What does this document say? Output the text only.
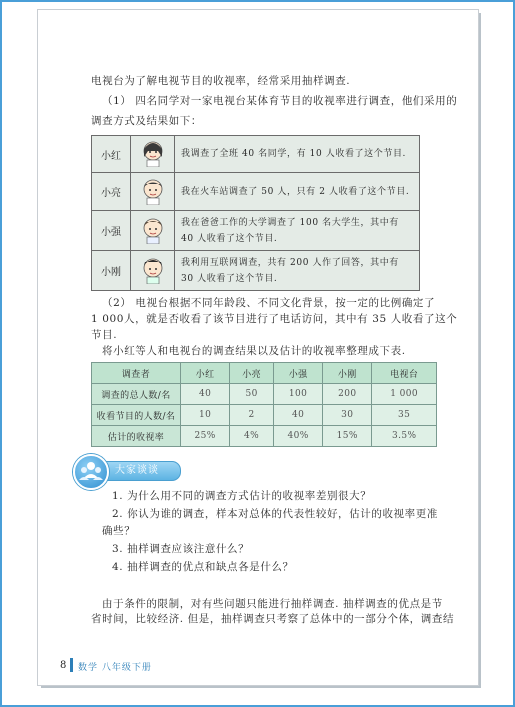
电视台为了解电视节目的收视率，经常采用抽样调查.
（1） 四名同学对一家电视台某体育节目的收视率进行调查，他们采用的
调查方式及结果如下：
小红		我调查了全班 40 名同学，有 10 人收看了这个节目.

小亮		我在火车站调查了 50 人，只有 2 人收看了这个节目.

小强		我在爸爸工作的大学调查了 100 名大学生，其中有
40 人收看了这个节目.

小刚		我利用互联网调查，共有 200 人作了回答，其中有
30 人收看了这个节目.
（2） 电视台根据不同年龄段、不同文化背景，按一定的比例确定了
1 000人，就是否收看了该节目进行了电话访问，其中有 35 人收看了这个
节目.
将小红等人和电视台的调查结果以及估计的收视率整理成下表.
调查者	小红	小亮	小强	小刚	电视台
调查的总人数/名	40	50	100	200	1 000
收看节目的人数/名	10	2	40	30	35
估计的收视率	25%	4%	40%	15%	3.5%
大家谈谈
1. 为什么用不同的调查方式估计的收视率差别很大？
2. 你认为谁的调查，样本对总体的代表性较好，估计的收视率更准
确些？
3. 抽样调查应该注意什么？
4. 抽样调查的优点和缺点各是什么？
由于条件的限制，对有些问题只能进行抽样调查. 抽样调查的优点是节
省时间，比较经济. 但是，抽样调查只考察了总体中的一部分个体，调查结
8 数学 八年级下册
